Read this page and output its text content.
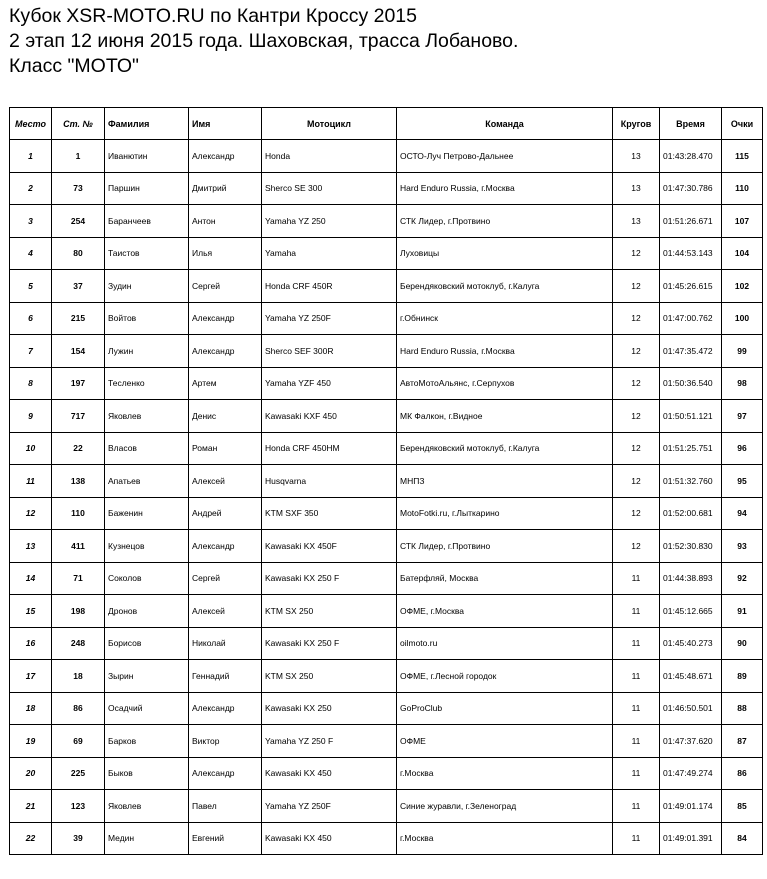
Кубок XSR-MOTO.RU по Кантри Кроссу 2015
2 этап 12 июня 2015 года. Шаховская, трасса Лобаново.
Класс "МОТО"
Место	Ст. №	Фамилия	Имя	Мотоцикл	Команда	Кругов	Время	Очки
1	1	Иванютин	Александр	Honda	ОСТО-Луч Петрово-Дальнее	13	01:43:28.470	115
2	73	Паршин	Дмитрий	Sherco SE 300	Hard Enduro Russia, г.Москва	13	01:47:30.786	110
3	254	Баранчеев	Антон	Yamaha YZ 250	СТК Лидер, г.Протвино	13	01:51:26.671	107
4	80	Таистов	Илья	Yamaha	Луховицы	12	01:44:53.143	104
5	37	Зудин	Сергей	Honda CRF 450R	Берендяковский мотоклуб, г.Калуга	12	01:45:26.615	102
6	215	Войтов	Александр	Yamaha YZ 250F	г.Обнинск	12	01:47:00.762	100
7	154	Лужин	Александр	Sherco SEF 300R	Hard Enduro Russia, г.Москва	12	01:47:35.472	99
8	197	Тесленко	Артем	Yamaha YZF 450	АвтоМотоАльянс, г.Серпухов	12	01:50:36.540	98
9	717	Яковлев	Денис	Kawasaki KXF 450	МК Фалкон, г.Видное	12	01:50:51.121	97
10	22	Власов	Роман	Honda CRF 450HM	Берендяковский мотоклуб, г.Калуга	12	01:51:25.751	96
11	138	Апатьев	Алексей	Husqvarna	МНПЗ	12	01:51:32.760	95
12	110	Баженин	Андрей	KTM SXF 350	MotoFotki.ru, г.Лыткарино	12	01:52:00.681	94
13	411	Кузнецов	Александр	Kawasaki KX 450F	СТК Лидер, г.Протвино	12	01:52:30.830	93
14	71	Соколов	Сергей	Kawasaki KX 250 F	Батерфляй, Москва	11	01:44:38.893	92
15	198	Дронов	Алексей	KTM SX 250	ОФМЕ, г.Москва	11	01:45:12.665	91
16	248	Борисов	Николай	Kawasaki KX 250 F	oilmoto.ru	11	01:45:40.273	90
17	18	Зырин	Геннадий	KTM SX 250	ОФМЕ, г.Лесной городок	11	01:45:48.671	89
18	86	Осадчий	Александр	Kawasaki KX 250	GoProClub	11	01:46:50.501	88
19	69	Барков	Виктор	Yamaha YZ 250 F	ОФМЕ	11	01:47:37.620	87
20	225	Быков	Александр	Kawasaki KX 450	г.Москва	11	01:47:49.274	86
21	123	Яковлев	Павел	Yamaha YZ 250F	Синие журавли, г.Зеленоград	11	01:49:01.174	85
22	39	Медин	Евгений	Kawasaki KX 450	г.Москва	11	01:49:01.391	84
